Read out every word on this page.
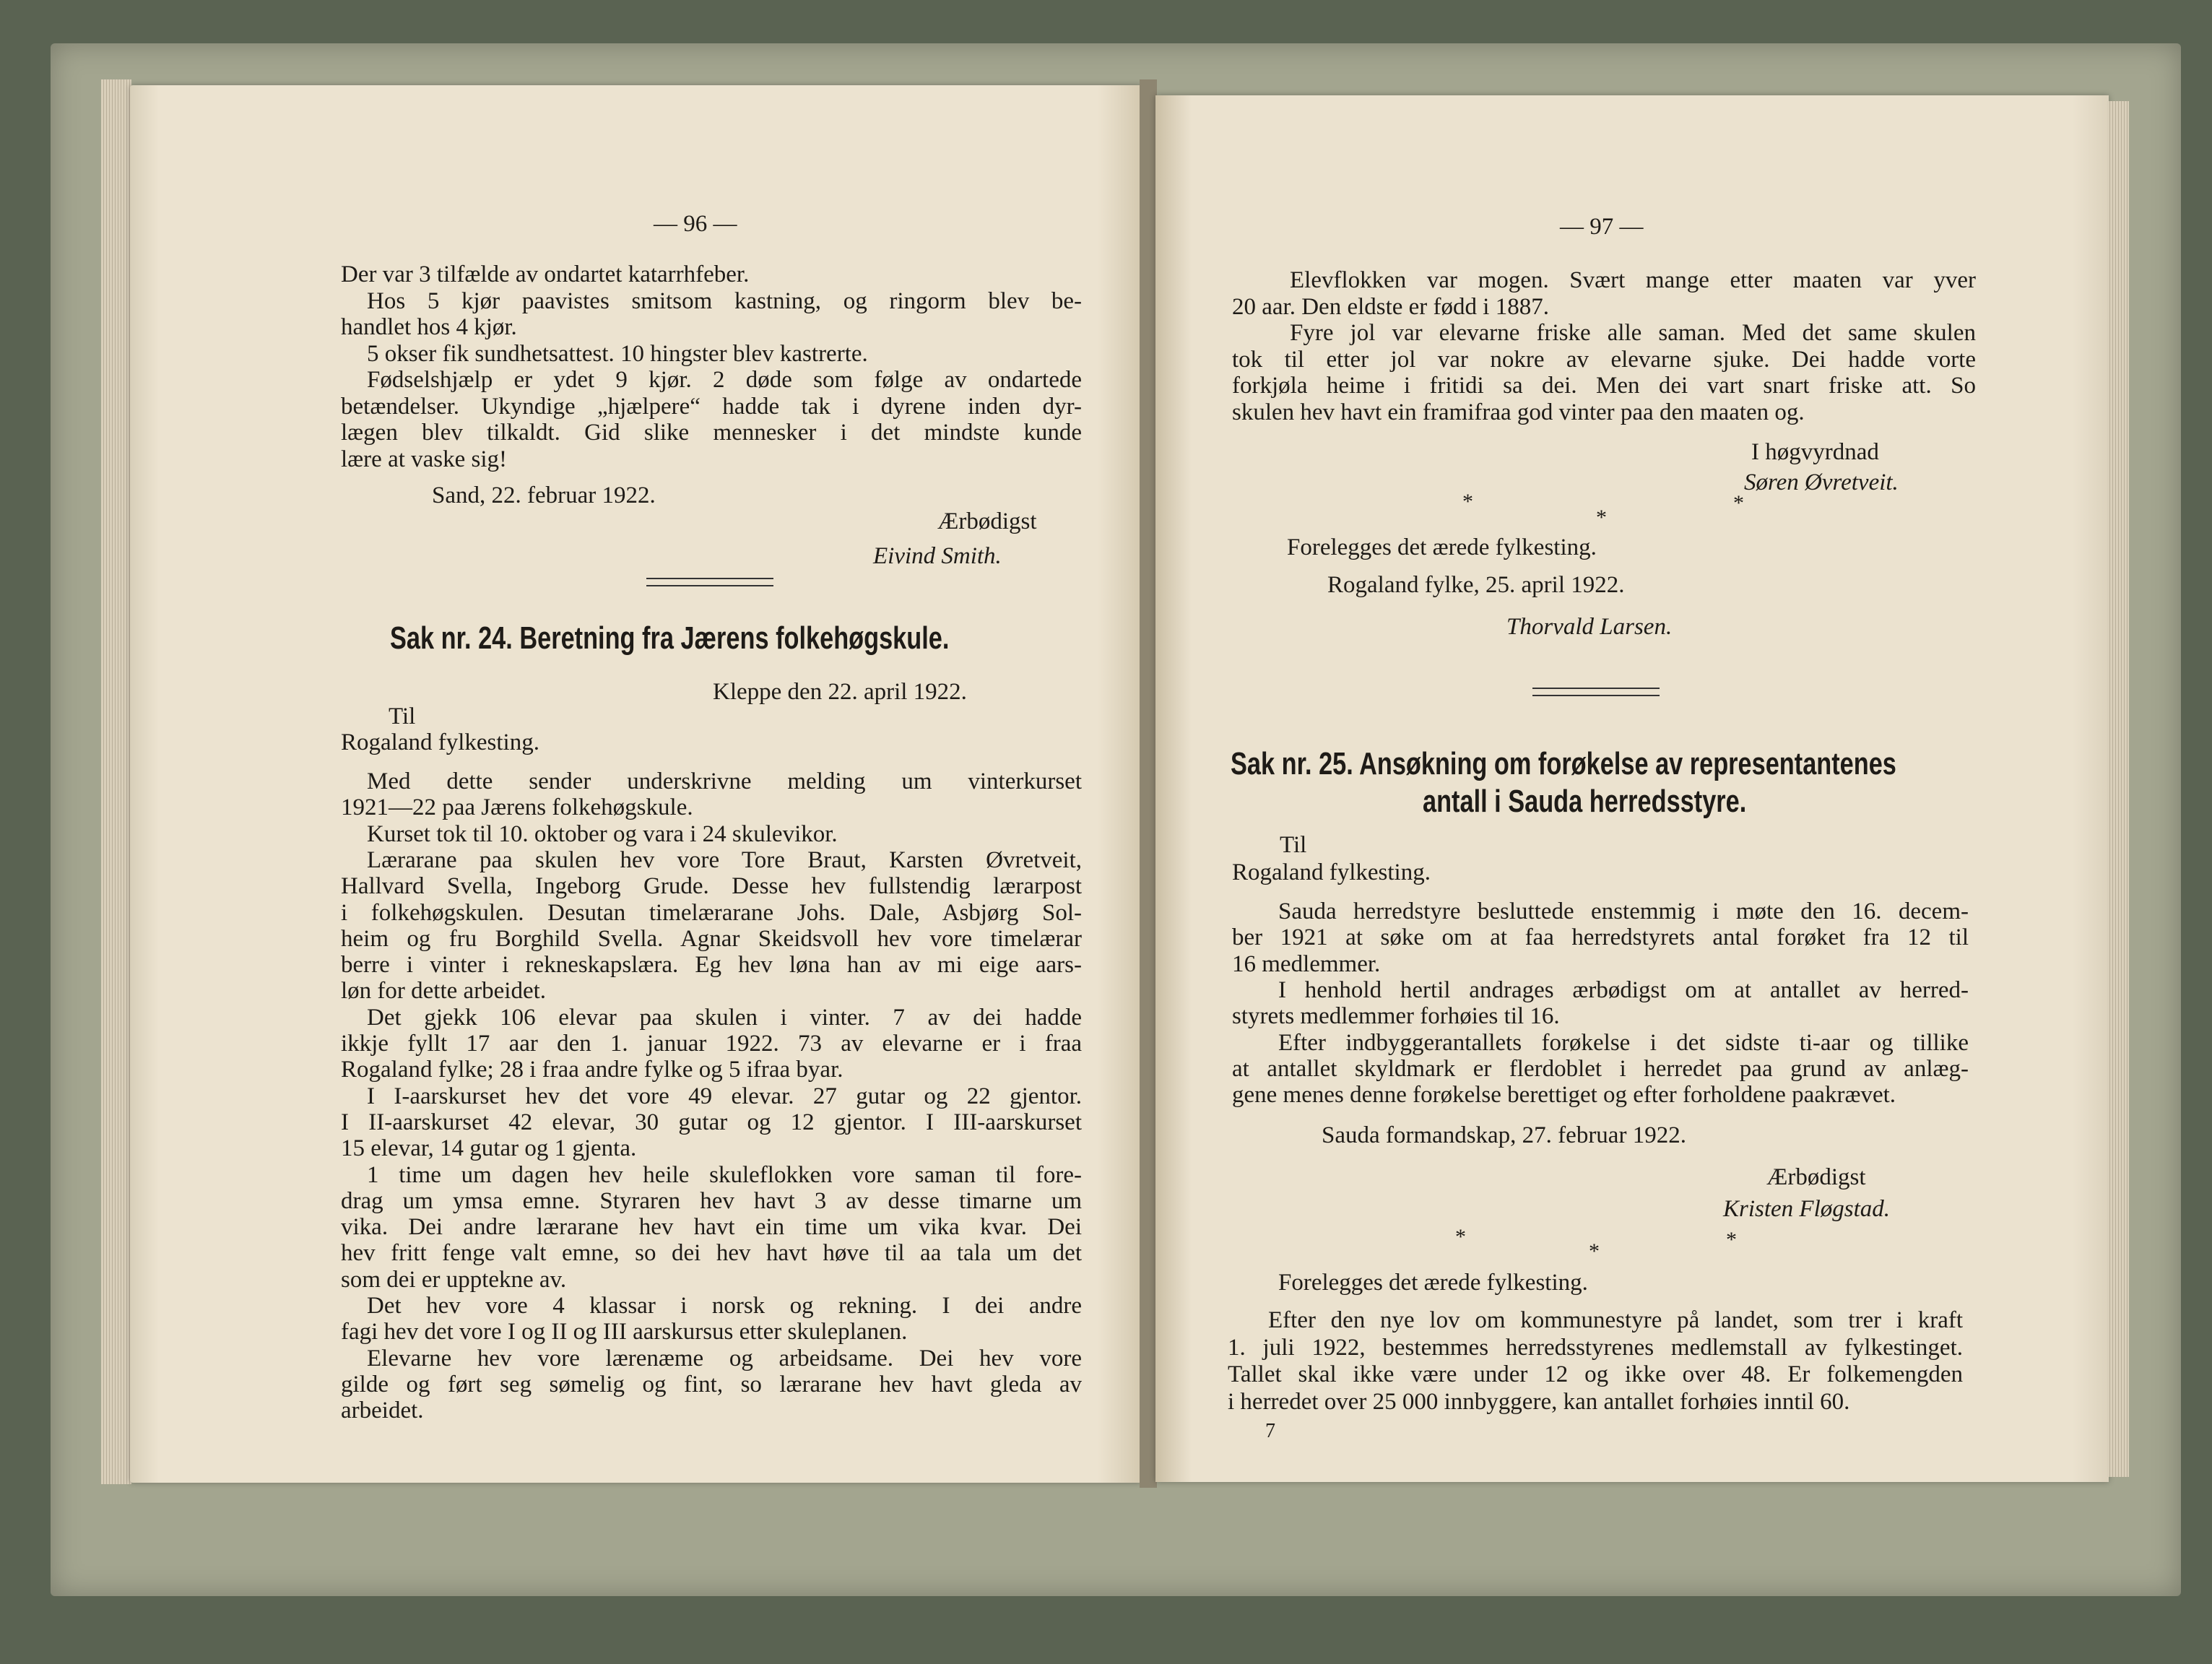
— 96 —
Der var 3 tilfælde av ondartet katarrhfeber.
Hos 5 kjør paavistes smitsom kastning, og ringorm blev be-
handlet hos 4 kjør.
5 okser fik sundhetsattest. 10 hingster blev kastrerte.
Fødselshjælp er ydet 9 kjør. 2 døde som følge av ondartede
betændelser. Ukyndige „hjælpere“ hadde tak i dyrene inden dyr-
lægen blev tilkaldt. Gid slike mennesker i det mindste kunde
lære at vaske sig!
Sand, 22. februar 1922.
Ærbødigst
Eivind Smith.
Sak nr. 24. Beretning fra Jærens folkehøgskule.
Kleppe den 22. april 1922.
Til
Rogaland fylkesting.
Med dette sender underskrivne melding um vinterkurset
1921—22 paa Jærens folkehøgskule.
Kurset tok til 10. oktober og vara i 24 skulevikor.
Lærarane paa skulen hev vore Tore Braut, Karsten Øvretveit,
Hallvard Svella, Ingeborg Grude. Desse hev fullstendig lærarpost
i folkehøgskulen. Desutan timelærarane Johs. Dale, Asbjørg Sol-
heim og fru Borghild Svella. Agnar Skeidsvoll hev vore timelærar
berre i vinter i rekneskapslæra. Eg hev løna han av mi eige aars-
løn for dette arbeidet.
Det gjekk 106 elevar paa skulen i vinter. 7 av dei hadde
ikkje fyllt 17 aar den 1. januar 1922. 73 av elevarne er i fraa
Rogaland fylke; 28 i fraa andre fylke og 5 ifraa byar.
I I-aarskurset hev det vore 49 elevar. 27 gutar og 22 gjentor.
I II-aarskurset 42 elevar, 30 gutar og 12 gjentor. I III-aarskurset
15 elevar, 14 gutar og 1 gjenta.
1 time um dagen hev heile skuleflokken vore saman til fore-
drag um ymsa emne. Styraren hev havt 3 av desse timarne um
vika. Dei andre lærarane hev havt ein time um vika kvar. Dei
hev fritt fenge valt emne, so dei hev havt høve til aa tala um det
som dei er upptekne av.
Det hev vore 4 klassar i norsk og rekning. I dei andre
fagi hev det vore I og II og III aarskursus etter skuleplanen.
Elevarne hev vore lærenæme og arbeidsame. Dei hev vore
gilde og ført seg sømelig og fint, so lærarane hev havt gleda av
arbeidet.
— 97 —
Elevflokken var mogen. Svært mange etter maaten var yver
20 aar. Den eldste er fødd i 1887.
Fyre jol var elevarne friske alle saman. Med det same skulen
tok til etter jol var nokre av elevarne sjuke. Dei hadde vorte
forkjøla heime i fritidi sa dei. Men dei vart snart friske att. So
skulen hev havt ein framifraa god vinter paa den maaten og.
I høgvyrdnad
Søren Øvretveit.
*
*
*
Forelegges det ærede fylkesting.
Rogaland fylke, 25. april 1922.
Thorvald Larsen.
Sak nr. 25. Ansøkning om forøkelse av representantenes
antall i Sauda herredsstyre.
Til
Rogaland fylkesting.
Sauda herredstyre besluttede enstemmig i møte den 16. decem-
ber 1921 at søke om at faa herredstyrets antal forøket fra 12 til
16 medlemmer.
I henhold hertil andrages ærbødigst om at antallet av herred-
styrets medlemmer forhøies til 16.
Efter indbyggerantallets forøkelse i det sidste ti-aar og tillike
at antallet skyldmark er flerdoblet i herredet paa grund av anlæg-
gene menes denne forøkelse berettiget og efter forholdene paakrævet.
Sauda formandskap, 27. februar 1922.
Ærbødigst
Kristen Fløgstad.
*
*	*
Forelegges det ærede fylkesting.
Efter den nye lov om kommunestyre på landet, som trer i kraft
1. juli 1922, bestemmes herredsstyrenes medlemstall av fylkestinget.
Tallet skal ikke være under 12 og ikke over 48. Er folkemengden
i herredet over 25 000 innbyggere, kan antallet forhøies inntil 60.
7
